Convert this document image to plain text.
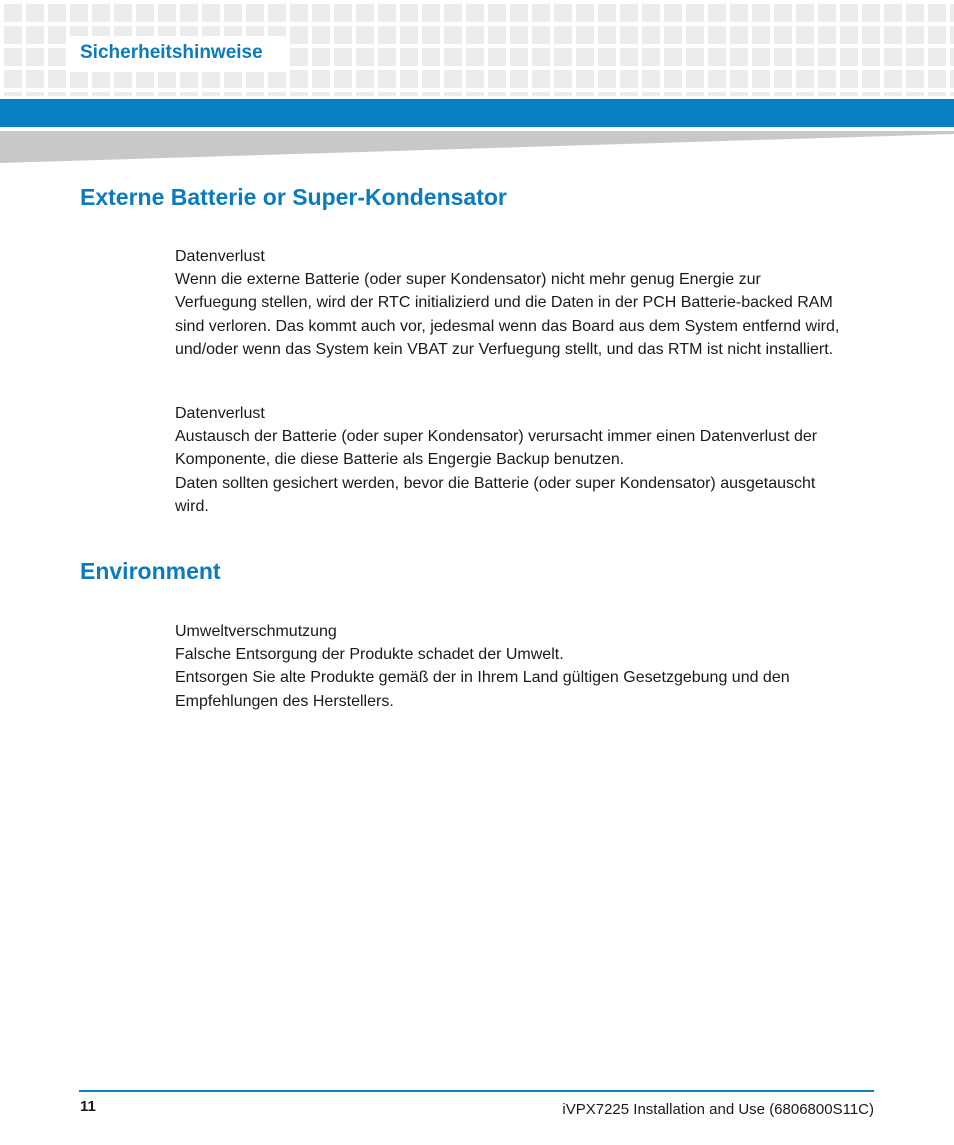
Sicherheitshinweise
Externe Batterie or Super-Kondensator
Datenverlust
Wenn die externe Batterie (oder super Kondensator) nicht mehr genug Energie zur
Verfuegung stellen, wird der RTC initializierd und die Daten in der PCH Batterie-backed RAM
sind verloren. Das kommt auch vor, jedesmal wenn das Board aus dem System entfernd wird,
und/oder wenn das System kein VBAT zur Verfuegung stellt, und das RTM ist nicht installiert.
Datenverlust
Austausch der Batterie (oder super Kondensator) verursacht immer einen Datenverlust der
Komponente, die diese Batterie als Engergie Backup benutzen.
Daten sollten gesichert werden, bevor die Batterie (oder super Kondensator) ausgetauscht
wird.
Environment
Umweltverschmutzung
Falsche Entsorgung der Produkte schadet der Umwelt.
Entsorgen Sie alte Produkte gemäß der in Ihrem Land gültigen Gesetzgebung und den
Empfehlungen des Herstellers.
11	iVPX7225 Installation and Use (6806800S11C)
